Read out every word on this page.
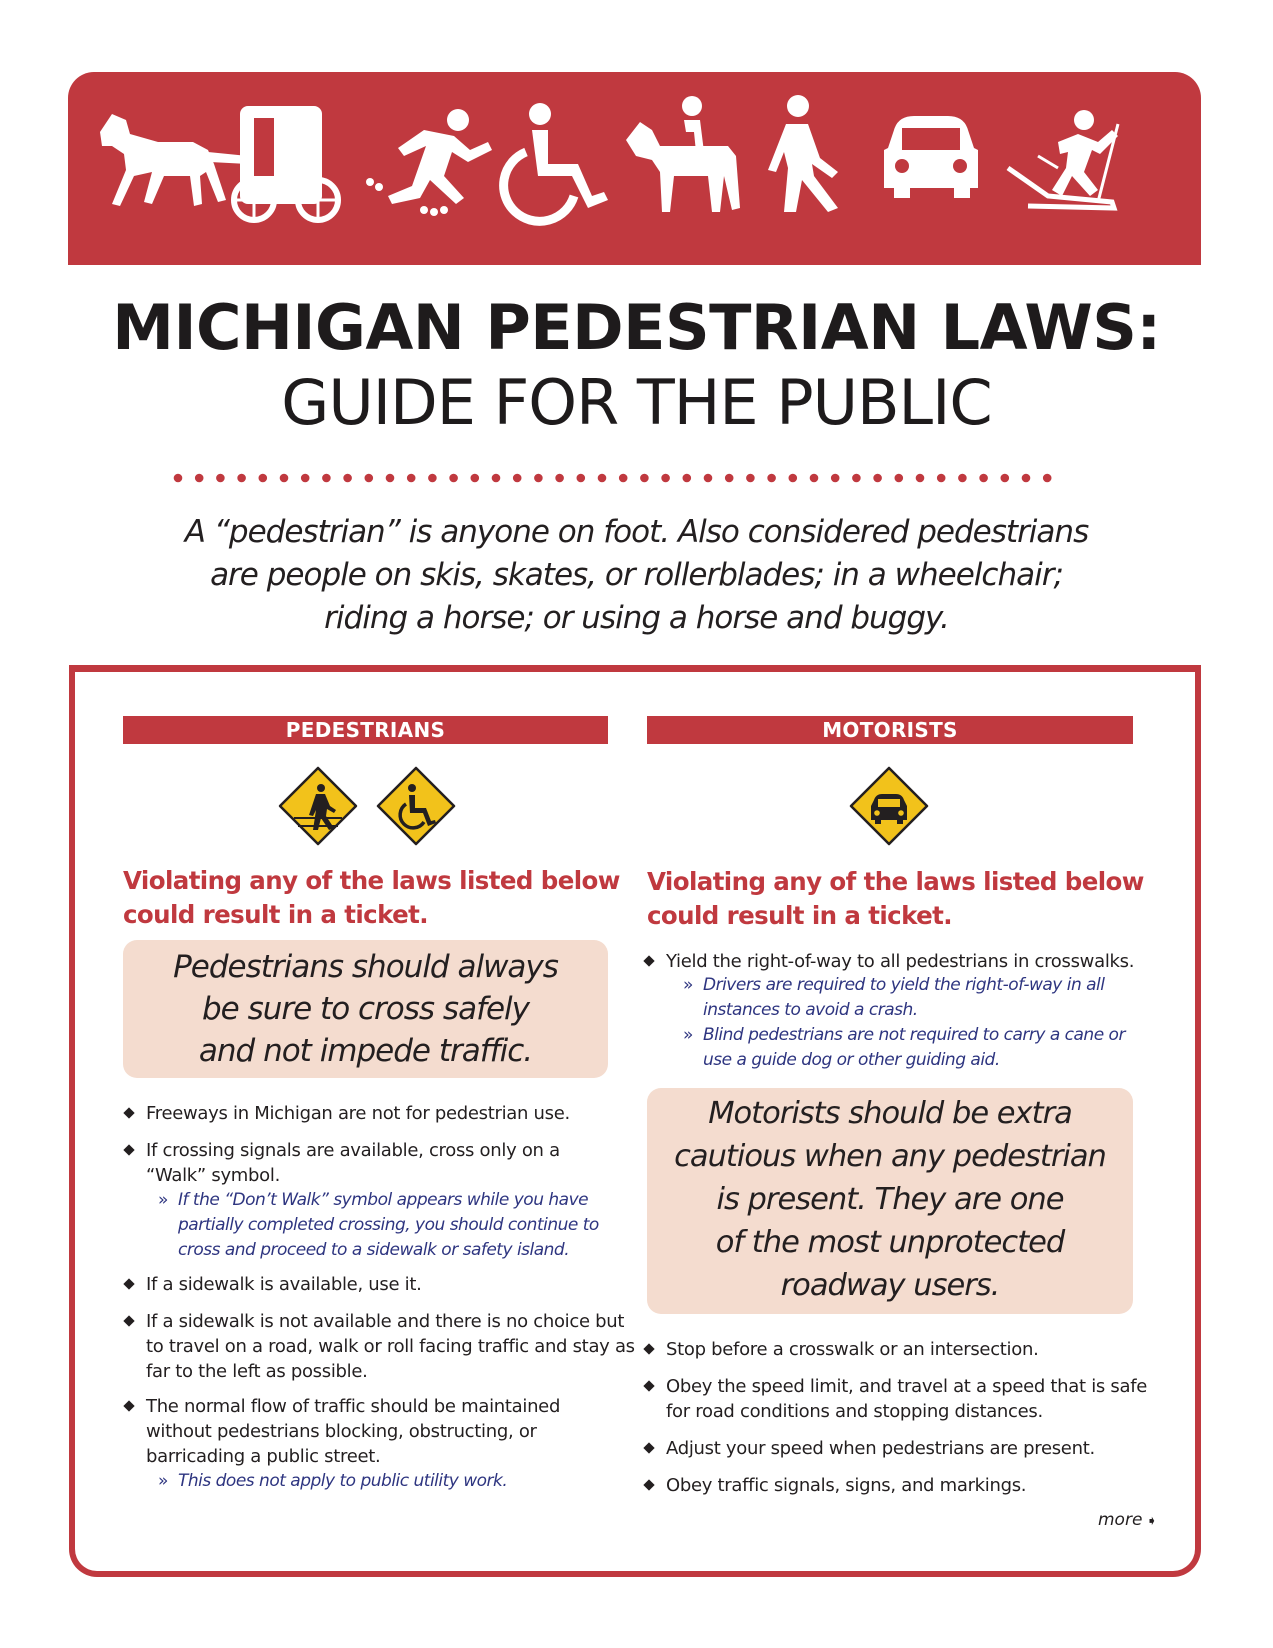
MICHIGAN PEDESTRIAN LAWS:
GUIDE FOR THE PUBLIC
A “pedestrian” is anyone on foot. Also considered pedestrians
are people on skis, skates, or rollerblades; in a wheelchair;
riding a horse; or using a horse and buggy.
PEDESTRIANS
Violating any of the laws listed below
could result in a ticket.
Pedestrians should always
be sure to cross safely
and not impede traffic.
Freeways in Michigan are not for pedestrian use.
If crossing signals are available, cross only on a
“Walk” symbol.
» If the “Don’t Walk” symbol appears while you have
partially completed crossing, you should continue to
cross and proceed to a sidewalk or safety island.
If a sidewalk is available, use it.
If a sidewalk is not available and there is no choice but
to travel on a road, walk or roll facing traffic and stay as
far to the left as possible.
The normal flow of traffic should be maintained
without pedestrians blocking, obstructing, or
barricading a public street.
» This does not apply to public utility work.
MOTORISTS
Violating any of the laws listed below
could result in a ticket.
Yield the right-of-way to all pedestrians in crosswalks.
» Drivers are required to yield the right-of-way in all
instances to avoid a crash.
» Blind pedestrians are not required to carry a cane or
use a guide dog or other guiding aid.
Motorists should be extra
cautious when any pedestrian
is present. They are one
of the most unprotected
roadway users.
Stop before a crosswalk or an intersection.
Obey the speed limit, and travel at a speed that is safe
for road conditions and stopping distances.
Adjust your speed when pedestrians are present.
Obey traffic signals, signs, and markings.
more ➧
